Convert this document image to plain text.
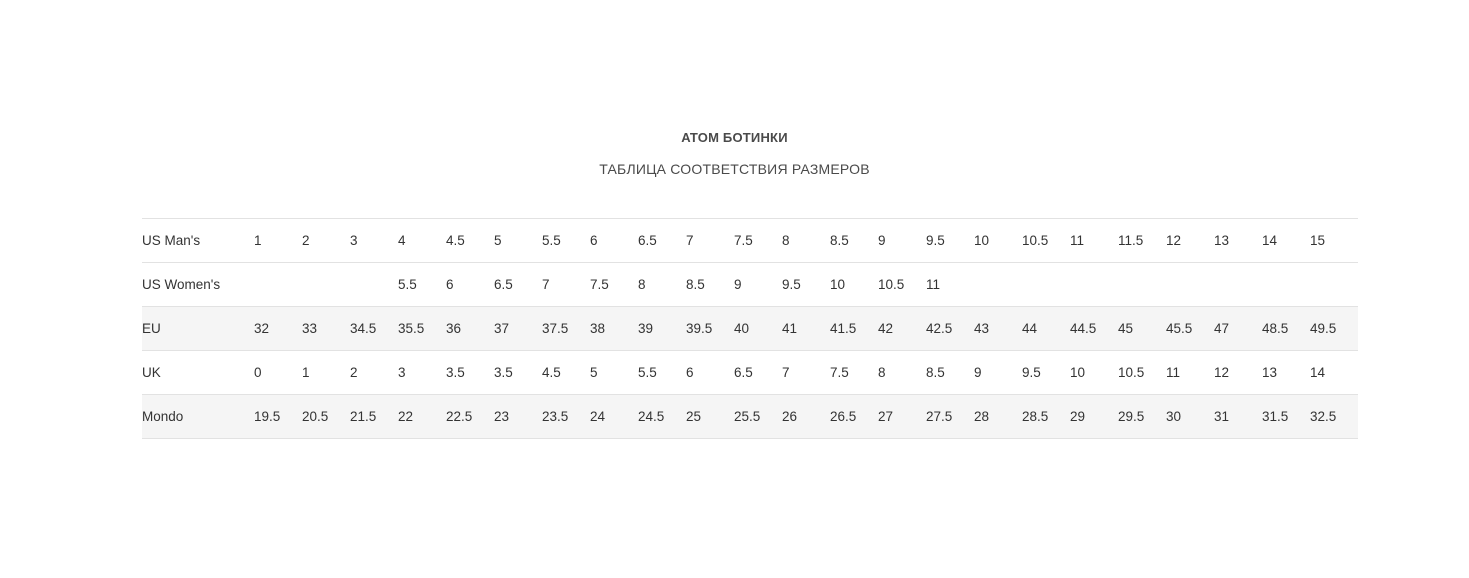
ATOM БОТИНКИ
ТАБЛИЦА СООТВЕТСТВИЯ РАЗМЕРОВ
US Man's	1	2	3	4	4.5	5	5.5	6	6.5	7	7.5	8	8.5	9	9.5	10	10.5	11	11.5	12	13	14	15
US Women's				5.5	6	6.5	7	7.5	8	8.5	9	9.5	10	10.5	11								
EU	32	33	34.5	35.5	36	37	37.5	38	39	39.5	40	41	41.5	42	42.5	43	44	44.5	45	45.5	47	48.5	49.5
UK	0	1	2	3	3.5	3.5	4.5	5	5.5	6	6.5	7	7.5	8	8.5	9	9.5	10	10.5	11	12	13	14
Mondo	19.5	20.5	21.5	22	22.5	23	23.5	24	24.5	25	25.5	26	26.5	27	27.5	28	28.5	29	29.5	30	31	31.5	32.5
